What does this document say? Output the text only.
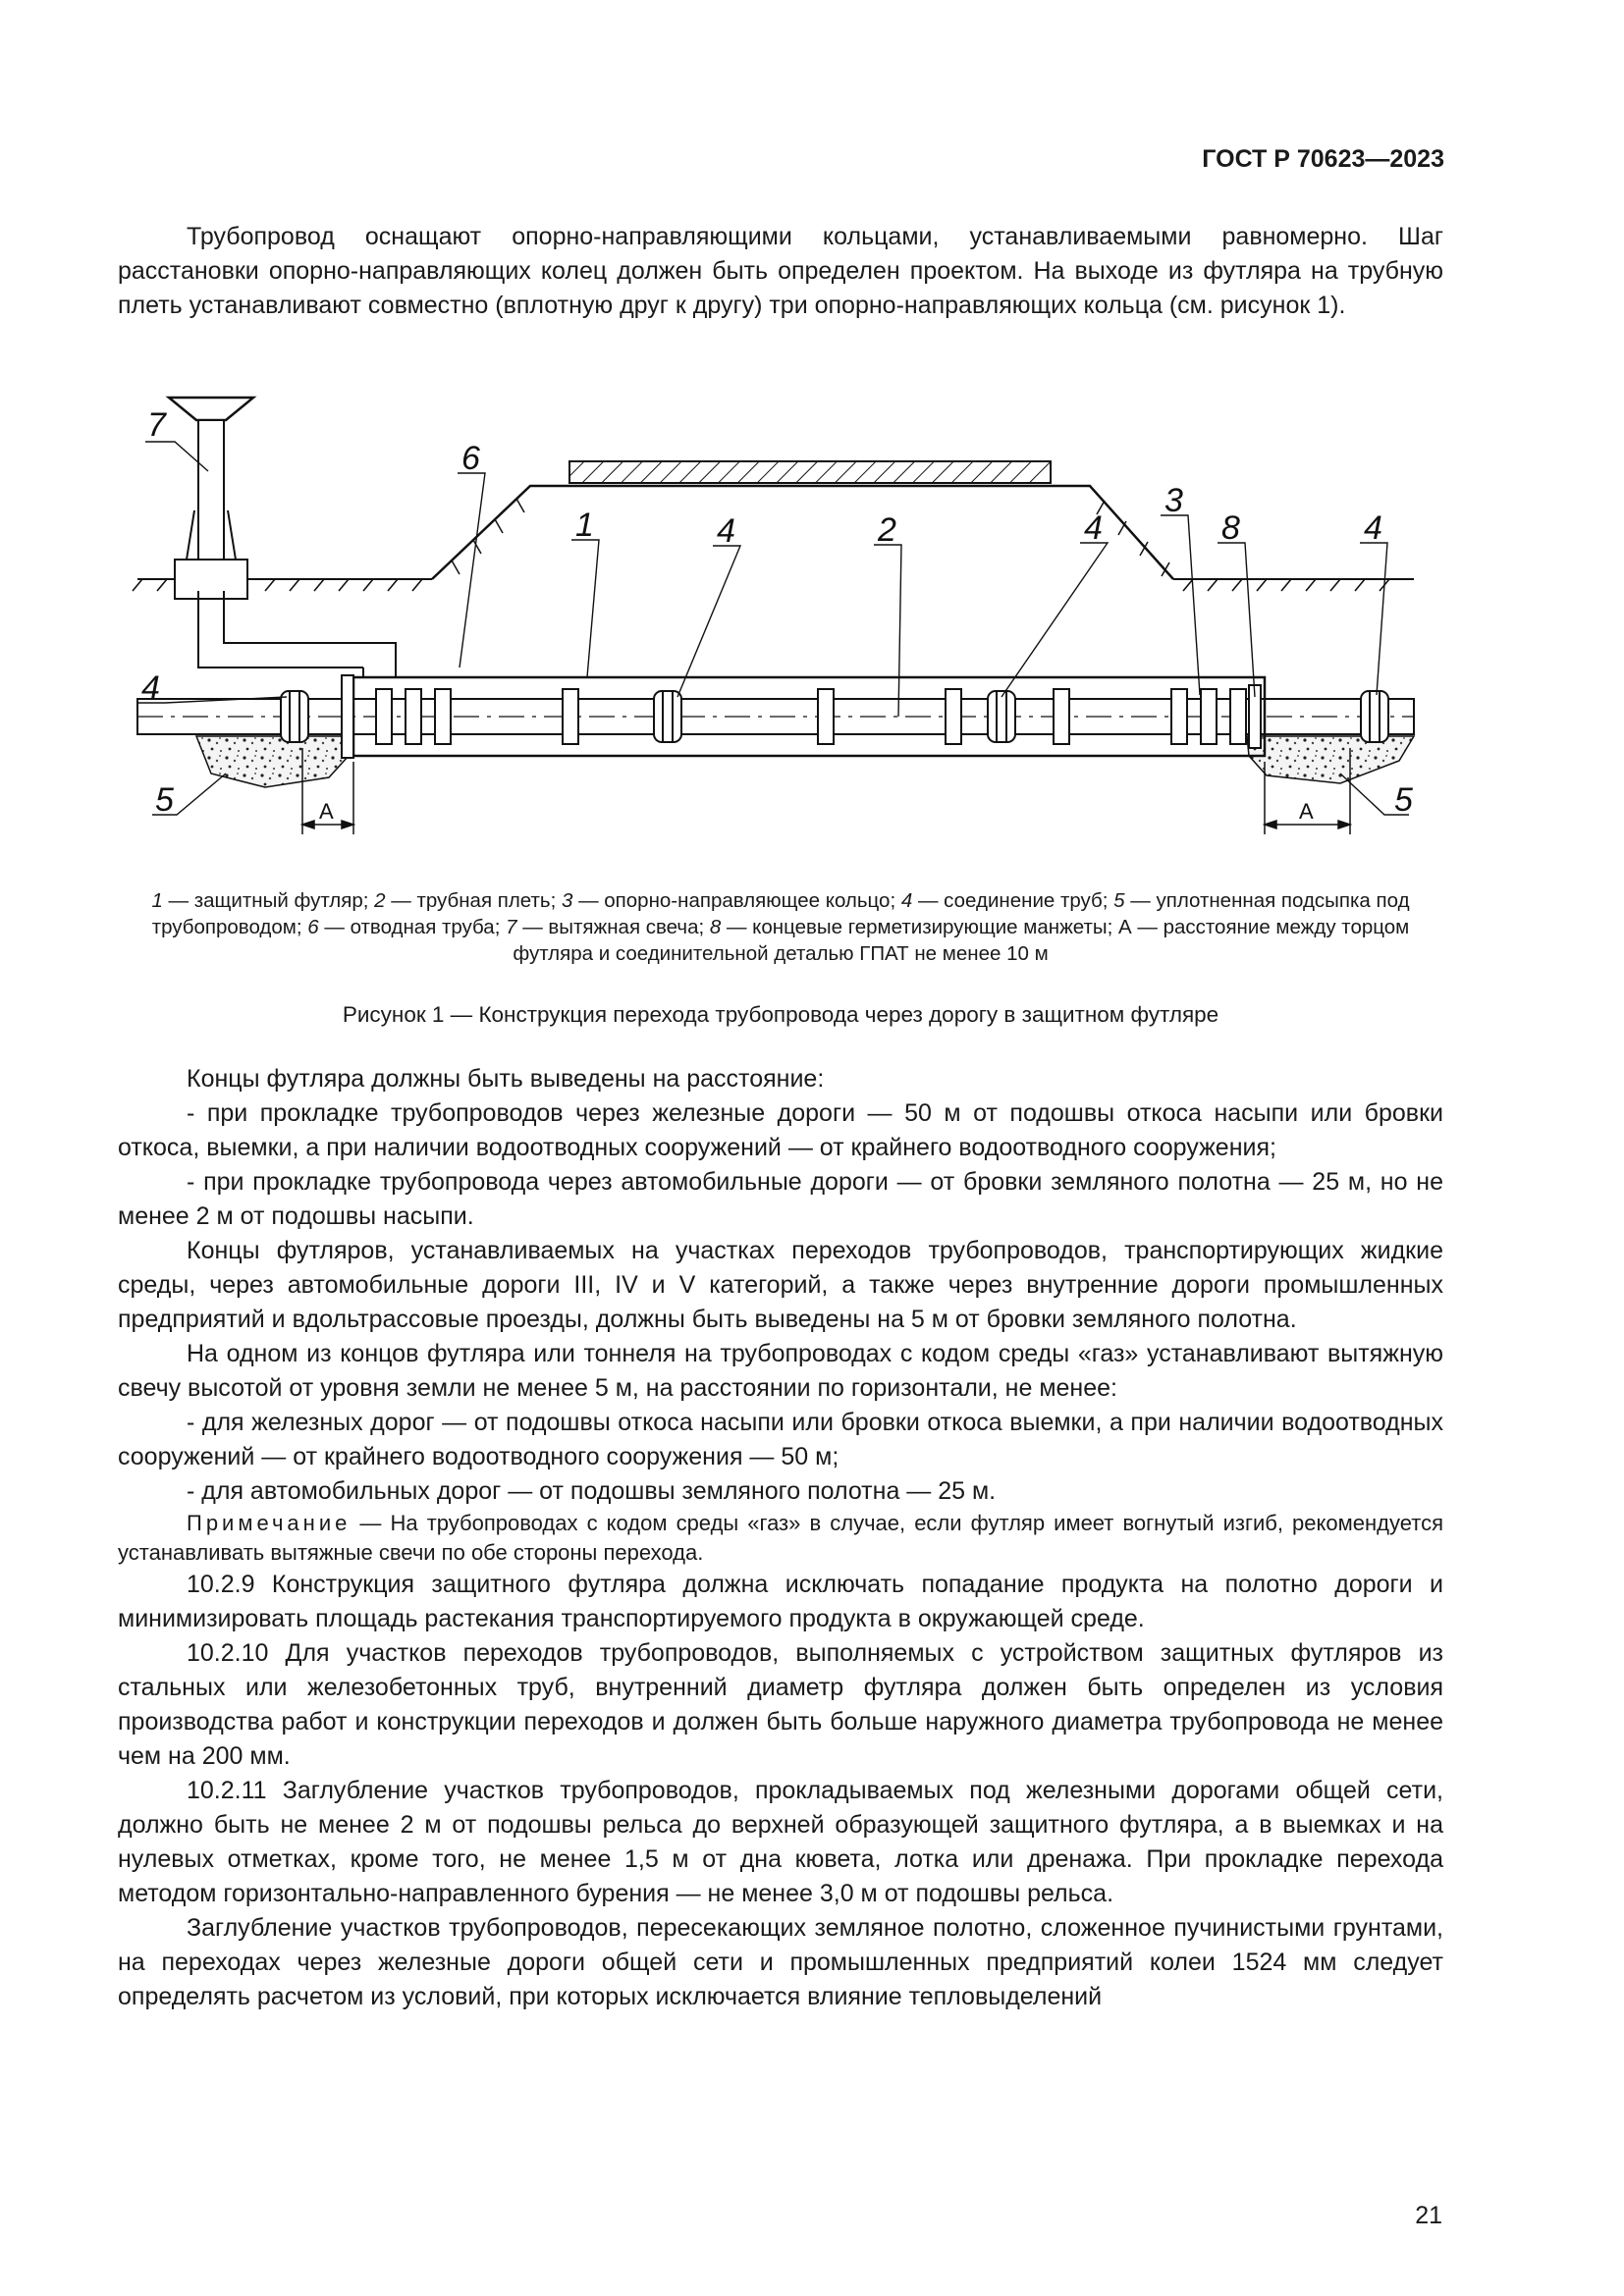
ГОСТ Р 70623—2023

Трубопровод оснащают опорно-направляющими кольцами, устанавливаемыми равномерно. Шаг расстановки опорно-направляющих колец должен быть определен проектом. На выходе из футляра на трубную плеть устанавливают совместно (вплотную друг к другу) три опорно-направляющих кольца (см. рисунок 1).

7
6
1
4
4	2	4
3
8	4
5	5
А	А
1 — защитный футляр; 2 — трубная плеть; 3 — опорно-направляющее кольцо; 4 — соединение труб; 5 — уплотненная подсыпка под трубопроводом; 6 — отводная труба; 7 — вытяжная свеча; 8 — концевые герметизирующие манжеты; А — расстояние между торцом футляра и соединительной деталью ГПАТ не менее 10 м
Рисунок 1 — Конструкция перехода трубопровода через дорогу в защитном футляре

Концы футляра должны быть выведены на расстояние:

- при прокладке трубопроводов через железные дороги — 50 м от подошвы откоса насыпи или бровки откоса, выемки, а при наличии водоотводных сооружений — от крайнего водоотводного сооружения;

- при прокладке трубопровода через автомобильные дороги — от бровки земляного полотна — 25 м, но не менее 2 м от подошвы насыпи.

Концы футляров, устанавливаемых на участках переходов трубопроводов, транспортирующих жидкие среды, через автомобильные дороги III, IV и V категорий, а также через внутренние дороги промышленных предприятий и вдольтрассовые проезды, должны быть выведены на 5 м от бровки земляного полотна.

На одном из концов футляра или тоннеля на трубопроводах с кодом среды «газ» устанавливают вытяжную свечу высотой от уровня земли не менее 5 м, на расстоянии по горизонтали, не менее:

- для железных дорог — от подошвы откоса насыпи или бровки откоса выемки, а при наличии водоотводных сооружений — от крайнего водоотводного сооружения — 50 м;

- для автомобильных дорог — от подошвы земляного полотна — 25 м.

Примечание — На трубопроводах с кодом среды «газ» в случае, если футляр имеет вогнутый изгиб, рекомендуется устанавливать вытяжные свечи по обе стороны перехода.

10.2.9 Конструкция защитного футляра должна исключать попадание продукта на полотно дороги и минимизировать площадь растекания транспортируемого продукта в окружающей среде.

10.2.10 Для участков переходов трубопроводов, выполняемых с устройством защитных футляров из стальных или железобетонных труб, внутренний диаметр футляра должен быть определен из условия производства работ и конструкции переходов и должен быть больше наружного диаметра трубопровода не менее чем на 200 мм.

10.2.11 Заглубление участков трубопроводов, прокладываемых под железными дорогами общей сети, должно быть не менее 2 м от подошвы рельса до верхней образующей защитного футляра, а в выемках и на нулевых отметках, кроме того, не менее 1,5 м от дна кювета, лотка или дренажа. При прокладке перехода методом горизонтально-направленного бурения — не менее 3,0 м от подошвы рельса.

Заглубление участков трубопроводов, пересекающих земляное полотно, сложенное пучинистыми грунтами, на переходах через железные дороги общей сети и промышленных предприятий колеи 1524 мм следует определять расчетом из условий, при которых исключается влияние тепловыделений

21
